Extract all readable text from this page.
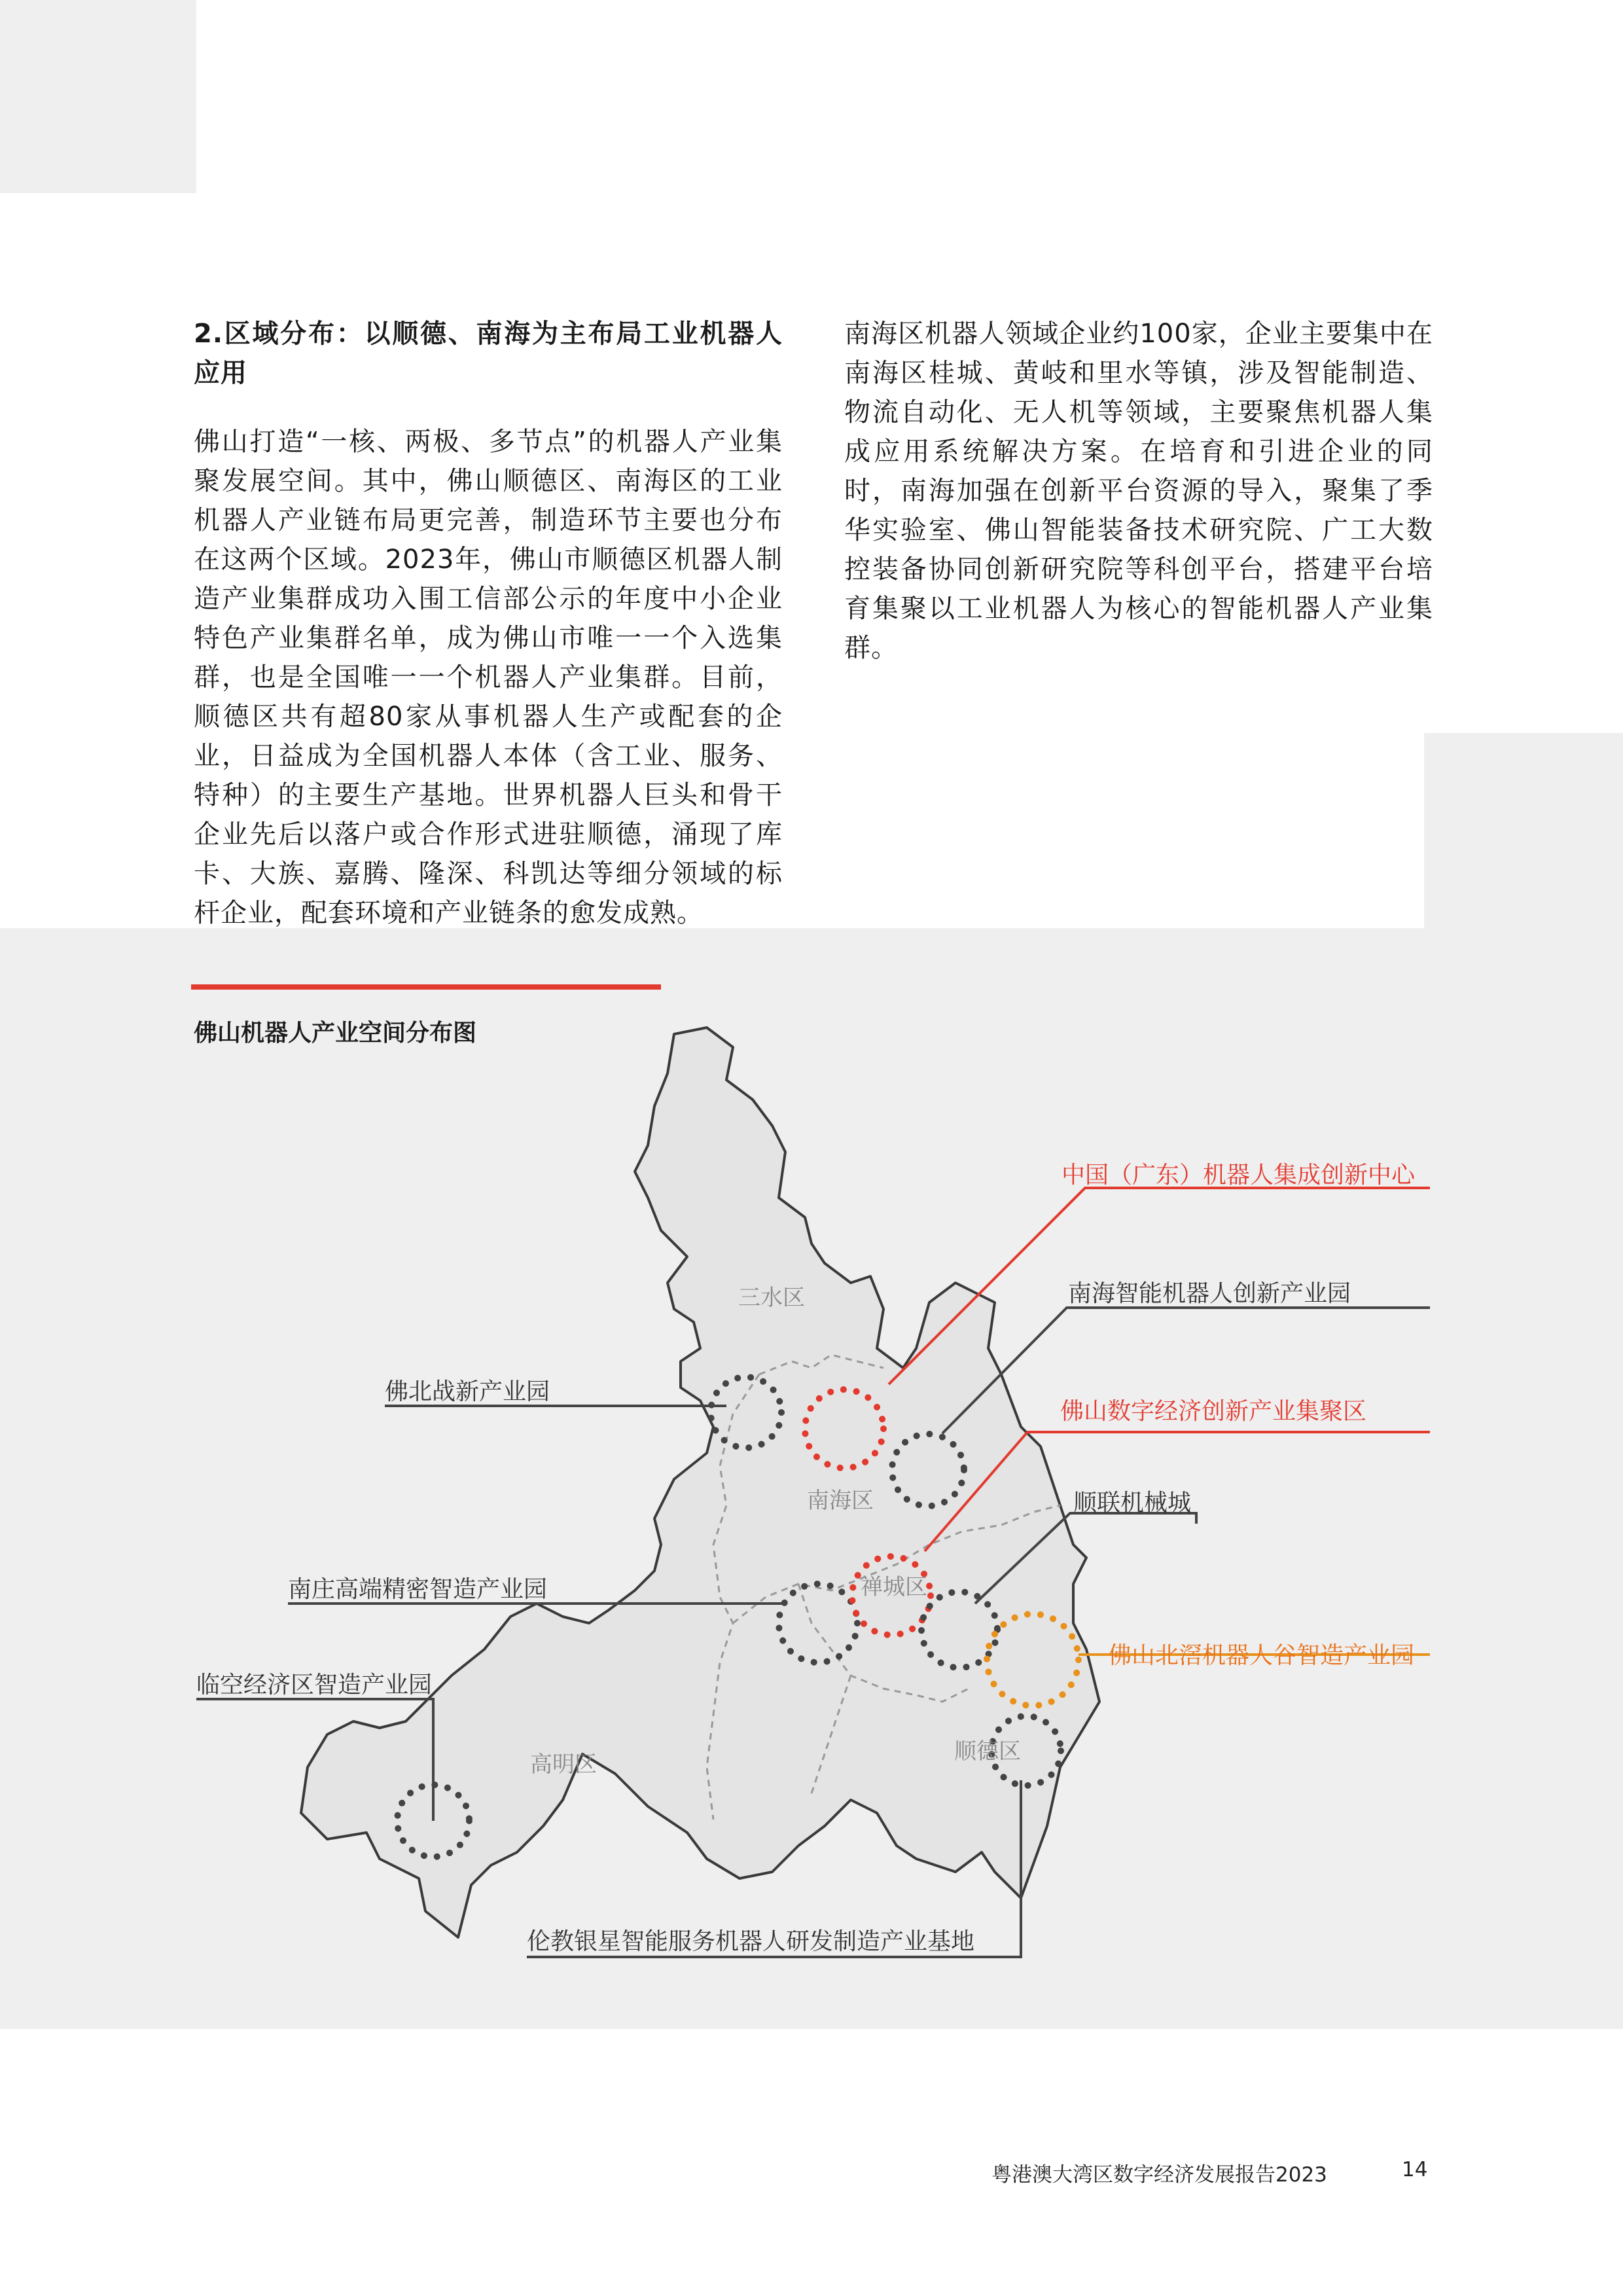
2.区域分布：以顺德、南海为主布局工业机器人应用

佛山打造“一核、两极、多节点”的机器人产业集聚发展空间。其中，佛山顺德区、南海区的工业机器人产业链布局更完善，制造环节主要也分布在这两个区域。2023年，佛山市顺德区机器人制造产业集群成功入围工信部公示的年度中小企业特色产业集群名单，成为佛山市唯一一个入选集群，也是全国唯一一个机器人产业集群。目前，顺德区共有超80家从事机器人生产或配套的企业，日益成为全国机器人本体（含工业、服务、特种）的主要生产基地。世界机器人巨头和骨干企业先后以落户或合作形式进驻顺德，涌现了库卡、大族、嘉腾、隆深、科凯达等细分领域的标杆企业，配套环境和产业链条的愈发成熟。

南海区机器人领域企业约100家，企业主要集中在南海区桂城、黄岐和里水等镇，涉及智能制造、物流自动化、无人机等领域，主要聚焦机器人集成应用系统解决方案。在培育和引进企业的同时，南海加强在创新平台资源的导入，聚集了季华实验室、佛山智能装备技术研究院、广工大数控装备协同创新研究院等科创平台，搭建平台培育集聚以工业机器人为核心的智能机器人产业集群。

佛山机器人产业空间分布图
三水区
南海区
禅城区
顺德区
高明区
中国（广东）机器人集成创新中心
南海智能机器人创新产业园
佛山数字经济创新产业集聚区
顺联机械城
佛山北滘机器人谷智造产业园
伦教银星智能服务机器人研发制造产业基地
佛北战新产业园
南庄高端精密智造产业园
临空经济区智造产业园
粤港澳大湾区数字经济发展报告2023	14
